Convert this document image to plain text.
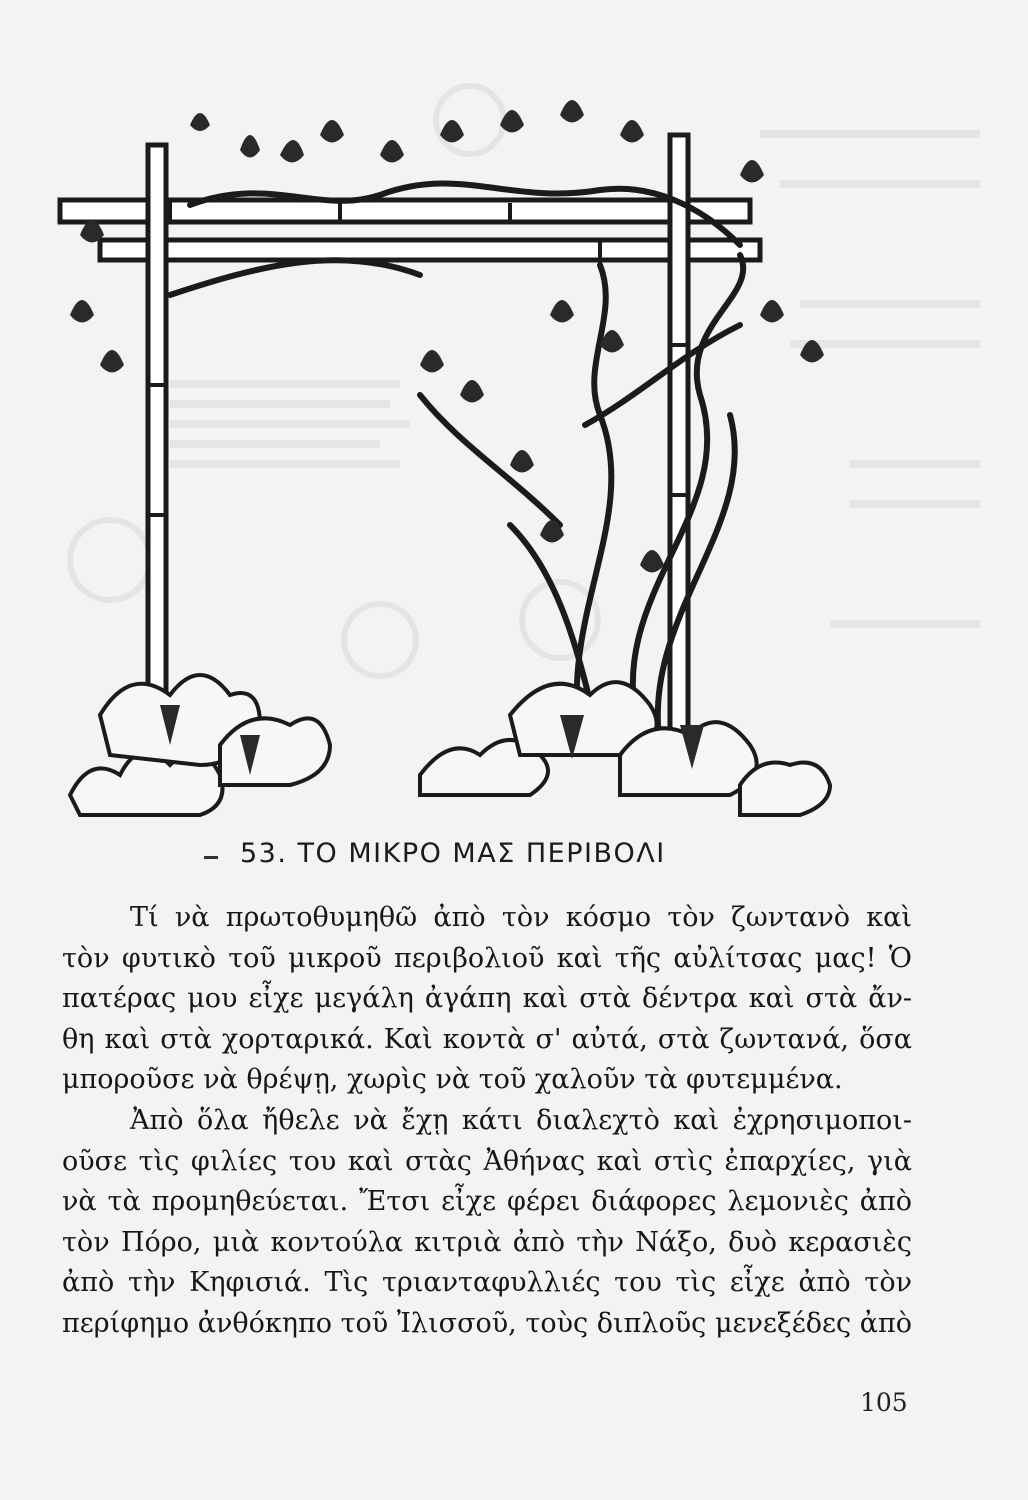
53. ΤΟ ΜΙΚΡΟ ΜΑΣ ΠΕΡΙΒΟΛΙ

Τί νὰ πρωτοθυμηθῶ ἀπὸ τὸν κόσμο τὸν ζωντανὸ καὶ
τὸν φυτικὸ τοῦ μικροῦ περιβολιοῦ καὶ τῆς αὐλίτσας μας! Ὁ
πατέρας μου εἶχε μεγάλη ἀγάπη καὶ στὰ δέντρα καὶ στὰ ἄν-
θη καὶ στὰ χορταρικά. Καὶ κοντὰ σ' αὐτά, στὰ ζωντανά, ὅσα
μποροῦσε νὰ θρέψῃ, χωρὶς νὰ τοῦ χαλοῦν τὰ φυτεμμένα.

Ἀπὸ ὅλα ἤθελε νὰ ἔχῃ κάτι διαλεχτὸ καὶ ἐχρησιμοποι-
οῦσε τὶς φιλίες του καὶ στὰς Ἀθήνας καὶ στὶς ἐπαρχίες, γιὰ
νὰ τὰ προμηθεύεται. Ἔτσι εἶχε φέρει διάφορες λεμονιὲς ἀπὸ
τὸν Πόρο, μιὰ κοντούλα κιτριὰ ἀπὸ τὴν Νάξο, δυὸ κερασιὲς
ἀπὸ τὴν Κηφισιά. Τὶς τριανταφυλλιές του τὶς εἶχε ἀπὸ τὸν
περίφημο ἀνθόκηπο τοῦ Ἰλισσοῦ, τοὺς διπλοῦς μενεξέδες ἀπὸ

105
